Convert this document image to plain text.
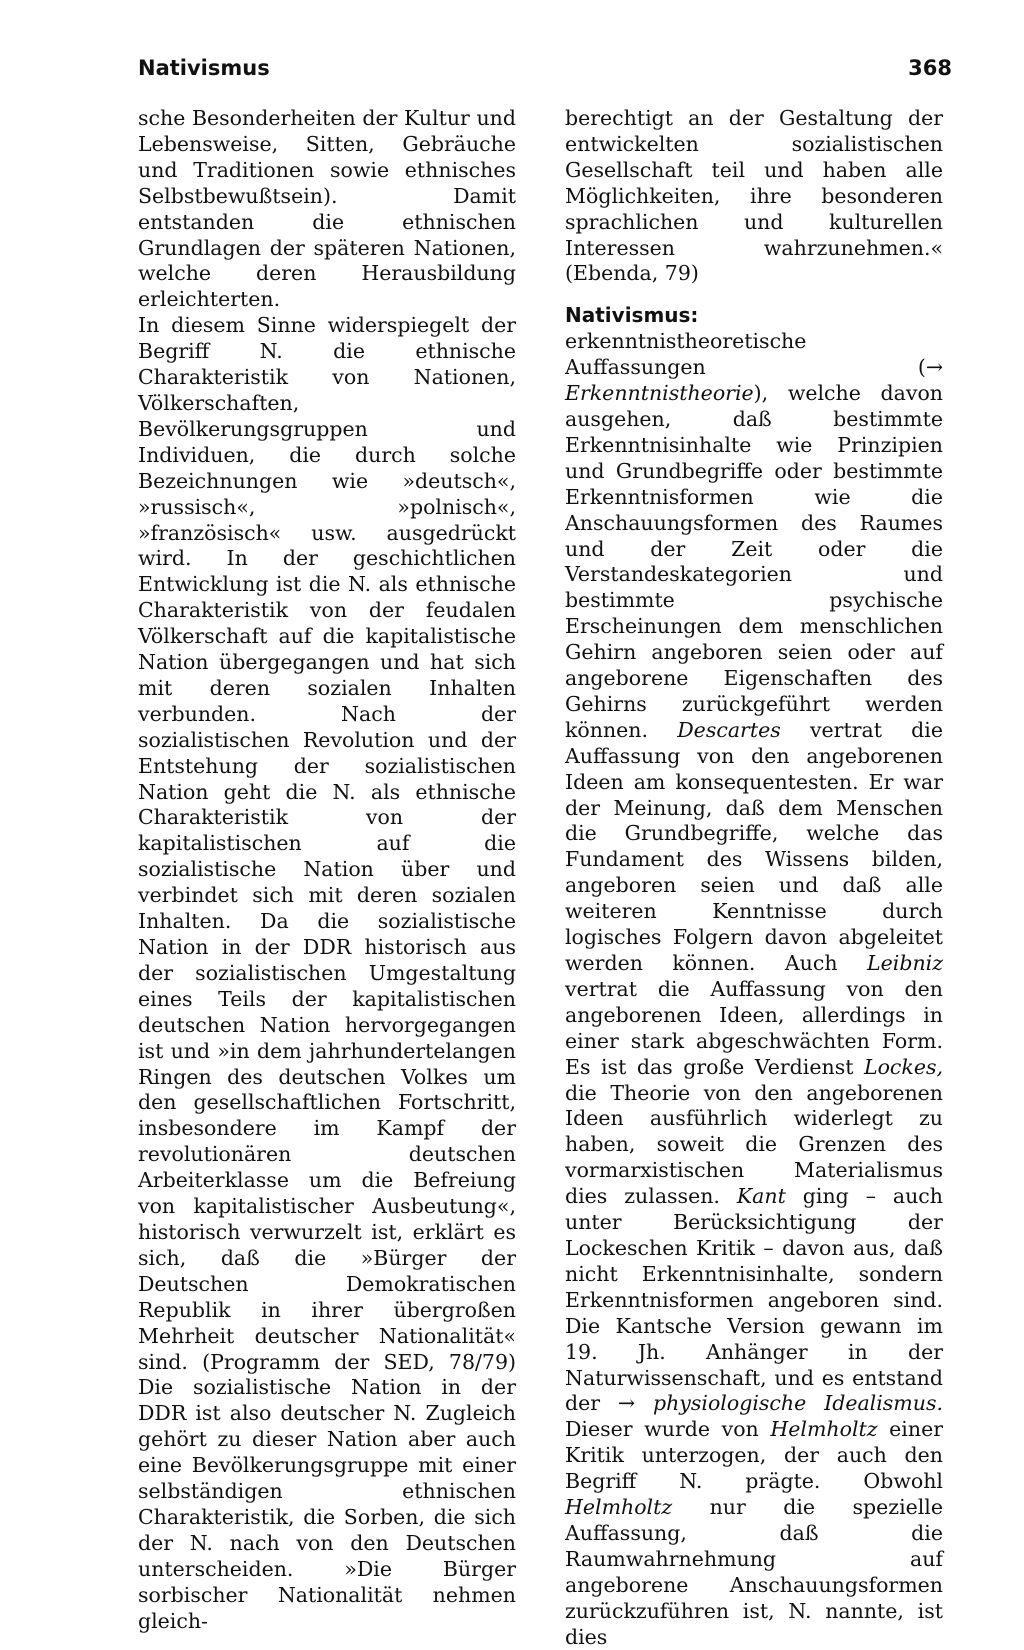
Nativismus	368

sche Besonderheiten der Kultur und Lebensweise, Sitten, Gebräuche und Traditionen sowie ethnisches Selbstbewußtsein). Damit entstanden die ethnischen Grundlagen der späteren Nationen, welche deren Herausbildung erleichterten.

In diesem Sinne widerspiegelt der Begriff N. die ethnische Charakteristik von Nationen, Völkerschaften, Bevölkerungsgruppen und Individuen, die durch solche Bezeichnungen wie »deutsch«, »russisch«, »polnisch«, »französisch« usw. ausgedrückt wird. In der geschichtlichen Entwicklung ist die N. als ethnische Charakteristik von der feudalen Völkerschaft auf die kapitalistische Nation übergegangen und hat sich mit deren sozialen Inhalten verbunden. Nach der sozialistischen Revolution und der Entstehung der sozialistischen Nation geht die N. als ethnische Charakteristik von der kapitalistischen auf die sozialistische Nation über und verbindet sich mit deren sozialen Inhalten. Da die sozialistische Nation in der DDR historisch aus der sozialistischen Umgestaltung eines Teils der kapitalistischen deutschen Nation hervorgegangen ist und »in dem jahrhundertelangen Ringen des deutschen Volkes um den gesellschaftlichen Fortschritt, insbesondere im Kampf der revolutionären deutschen Arbeiterklasse um die Befreiung von kapitalistischer Ausbeutung«, historisch verwurzelt ist, erklärt es sich, daß die »Bürger der Deutschen Demokratischen Republik in ihrer übergroßen Mehrheit deutscher Nationalität« sind. (Programm der SED, 78/79) Die sozialistische Nation in der DDR ist also deutscher N. Zugleich gehört zu dieser Nation aber auch eine Bevölkerungsgruppe mit einer selbständigen ethnischen Charakteristik, die Sorben, die sich der N. nach von den Deutschen unterscheiden. »Die Bürger sorbischer Nationalität nehmen gleich-

berechtigt an der Gestaltung der entwickelten sozialistischen Gesellschaft teil und haben alle Möglichkeiten, ihre besonderen sprachlichen und kulturellen Interessen wahrzunehmen.« (Ebenda, 79)

Nativismus: erkenntnistheoretische Auffassungen (→ Erkenntnistheorie), welche davon ausgehen, daß bestimmte Erkenntnisinhalte wie Prinzipien und Grundbegriffe oder bestimmte Erkenntnisformen wie die Anschauungsformen des Raumes und der Zeit oder die Verstandeskategorien und bestimmte psychische Erscheinungen dem menschlichen Gehirn angeboren seien oder auf angeborene Eigenschaften des Gehirns zurückgeführt werden können. Descartes vertrat die Auffassung von den angeborenen Ideen am konsequentesten. Er war der Meinung, daß dem Menschen die Grundbegriffe, welche das Fundament des Wissens bilden, angeboren seien und daß alle weiteren Kenntnisse durch logisches Folgern davon abgeleitet werden können. Auch Leibniz vertrat die Auffassung von den angeborenen Ideen, allerdings in einer stark abgeschwächten Form. Es ist das große Verdienst Lockes, die Theorie von den angeborenen Ideen ausführlich widerlegt zu haben, soweit die Grenzen des vormarxistischen Materialismus dies zulassen. Kant ging – auch unter Berücksichtigung der Lockeschen Kritik – davon aus, daß nicht Erkenntnisinhalte, sondern Erkenntnisformen angeboren sind. Die Kantsche Version gewann im 19. Jh. Anhänger in der Naturwissenschaft, und es entstand der → physiologische Idealismus. Dieser wurde von Helmholtz einer Kritik unterzogen, der auch den Begriff N. prägte. Obwohl Helmholtz nur die spezielle Auffassung, daß die Raumwahrnehmung auf angeborene Anschauungsformen zurückzuführen ist, N. nannte, ist dies
